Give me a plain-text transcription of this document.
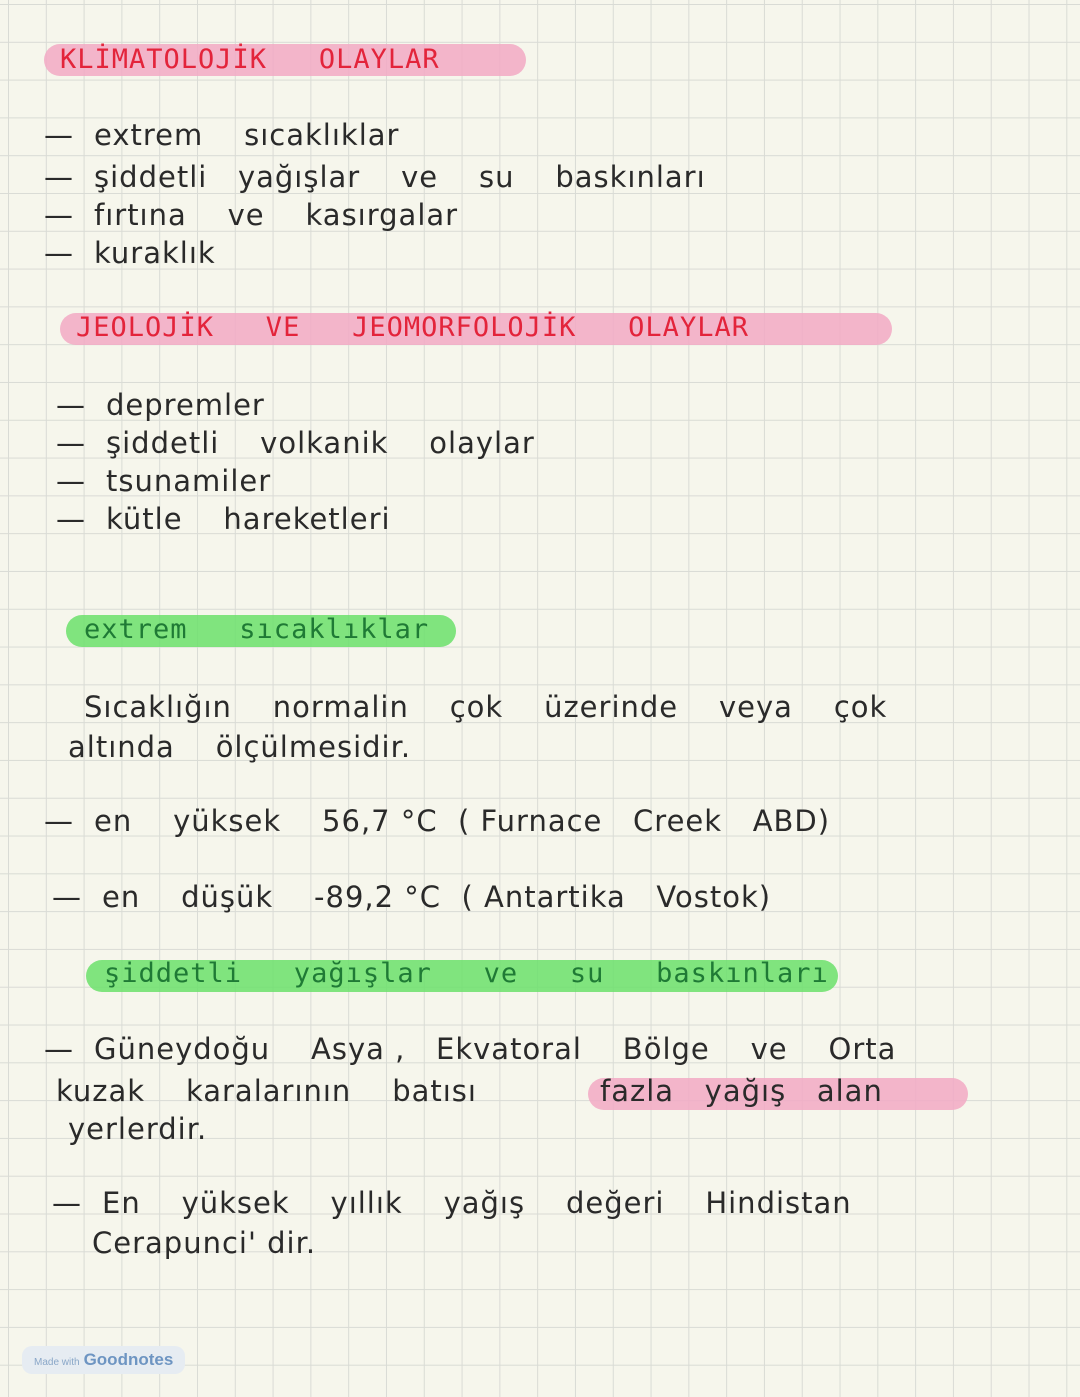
KLİMATOLOJİK   OLAYLAR
— extrem    sıcaklıklar
— şiddetli   yağışlar    ve    su    baskınları
— fırtına    ve    kasırgalar
— kuraklık
JEOLOJİK   VE   JEOMORFOLOJİK   OLAYLAR
— depremler
— şiddetli    volkanik    olaylar
— tsunamiler
— kütle    hareketleri
extrem   sıcaklıklar
Sıcaklığın    normalin    çok    üzerinde    veya    çok
altında    ölçülmesidir.
— en    yüksek    56,7 °C  ( Furnace   Creek   ABD)
— en    düşük    -89,2 °C  ( Antartika   Vostok)
şiddetli   yağışlar   ve   su   baskınları
— Güneydoğu    Asya ,   Ekvatoral    Bölge    ve    Orta
kuzak    karalarının    batısı	fazla   yağış   alan
yerlerdir.
— En    yüksek    yıllık    yağış    değeri    Hindistan
Cerapunci' dir.
Made with Goodnotes
